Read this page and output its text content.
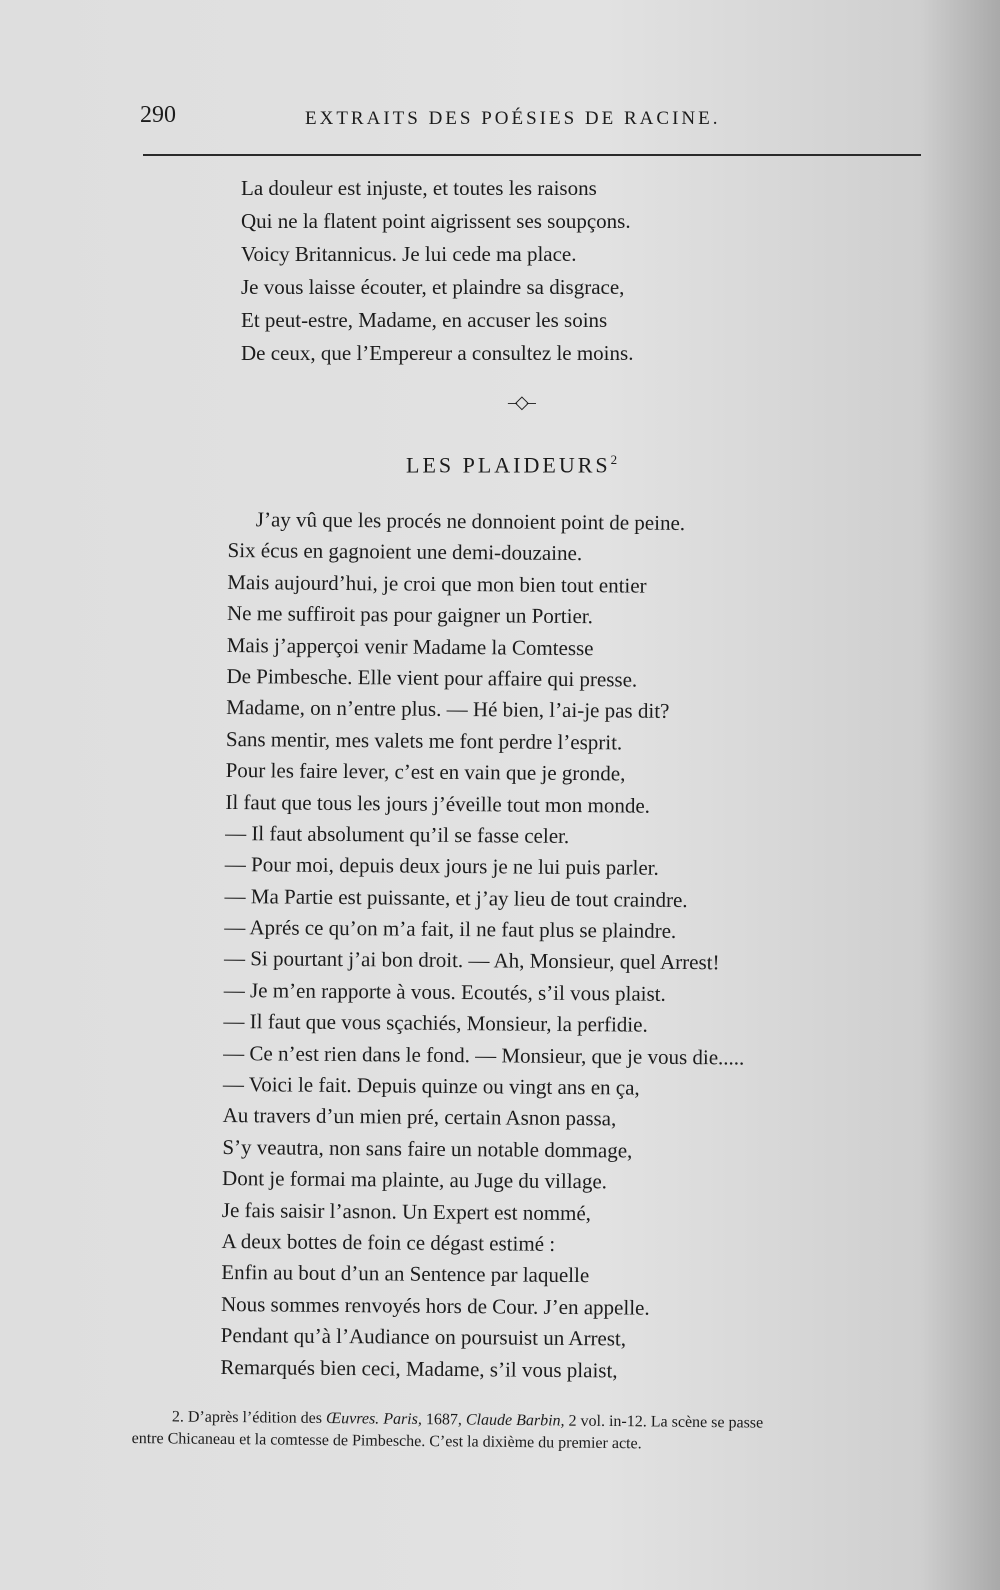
290	EXTRAITS DES POÉSIES DE RACINE.
La douleur est injuste, et toutes les raisons
Qui ne la flatent point aigrissent ses soupçons.
Voicy Britannicus. Je lui cede ma place.
Je vous laisse écouter, et plaindre sa disgrace,
Et peut-estre, Madame, en accuser les soins
De ceux, que l’Empereur a consultez le moins.
–◇–
LES PLAIDEURS$^2$
J’ay vû que les procés ne donnoient point de peine.
Six écus en gagnoient une demi-douzaine.
Mais aujourd’hui, je croi que mon bien tout entier
Ne me suffiroit pas pour gaigner un Portier.
Mais j’apperçoi venir Madame la Comtesse
De Pimbesche. Elle vient pour affaire qui presse.
Madame, on n’entre plus. — Hé bien, l’ai-je pas dit?
Sans mentir, mes valets me font perdre l’esprit.
Pour les faire lever, c’est en vain que je gronde,
Il faut que tous les jours j’éveille tout mon monde.
— Il faut absolument qu’il se fasse celer.
— Pour moi, depuis deux jours je ne lui puis parler.
— Ma Partie est puissante, et j’ay lieu de tout craindre.
— Aprés ce qu’on m’a fait, il ne faut plus se plaindre.
— Si pourtant j’ai bon droit. — Ah, Monsieur, quel Arrest!
— Je m’en rapporte à vous. Ecoutés, s’il vous plaist.
— Il faut que vous sçachiés, Monsieur, la perfidie.
— Ce n’est rien dans le fond. — Monsieur, que je vous die.....
— Voici le fait. Depuis quinze ou vingt ans en ça,
Au travers d’un mien pré, certain Asnon passa,
S’y veautra, non sans faire un notable dommage,
Dont je formai ma plainte, au Juge du village.
Je fais saisir l’asnon. Un Expert est nommé,
A deux bottes de foin ce dégast estimé :
Enfin au bout d’un an Sentence par laquelle
Nous sommes renvoyés hors de Cour. J’en appelle.
Pendant qu’à l’Audiance on poursuist un Arrest,
Remarqués bien ceci, Madame, s’il vous plaist,
2. D’après l’édition des Œuvres. Paris, 1687, Claude Barbin, 2 vol. in-12. La scène se passe
entre Chicaneau et la comtesse de Pimbesche. C’est la dixième du premier acte.
